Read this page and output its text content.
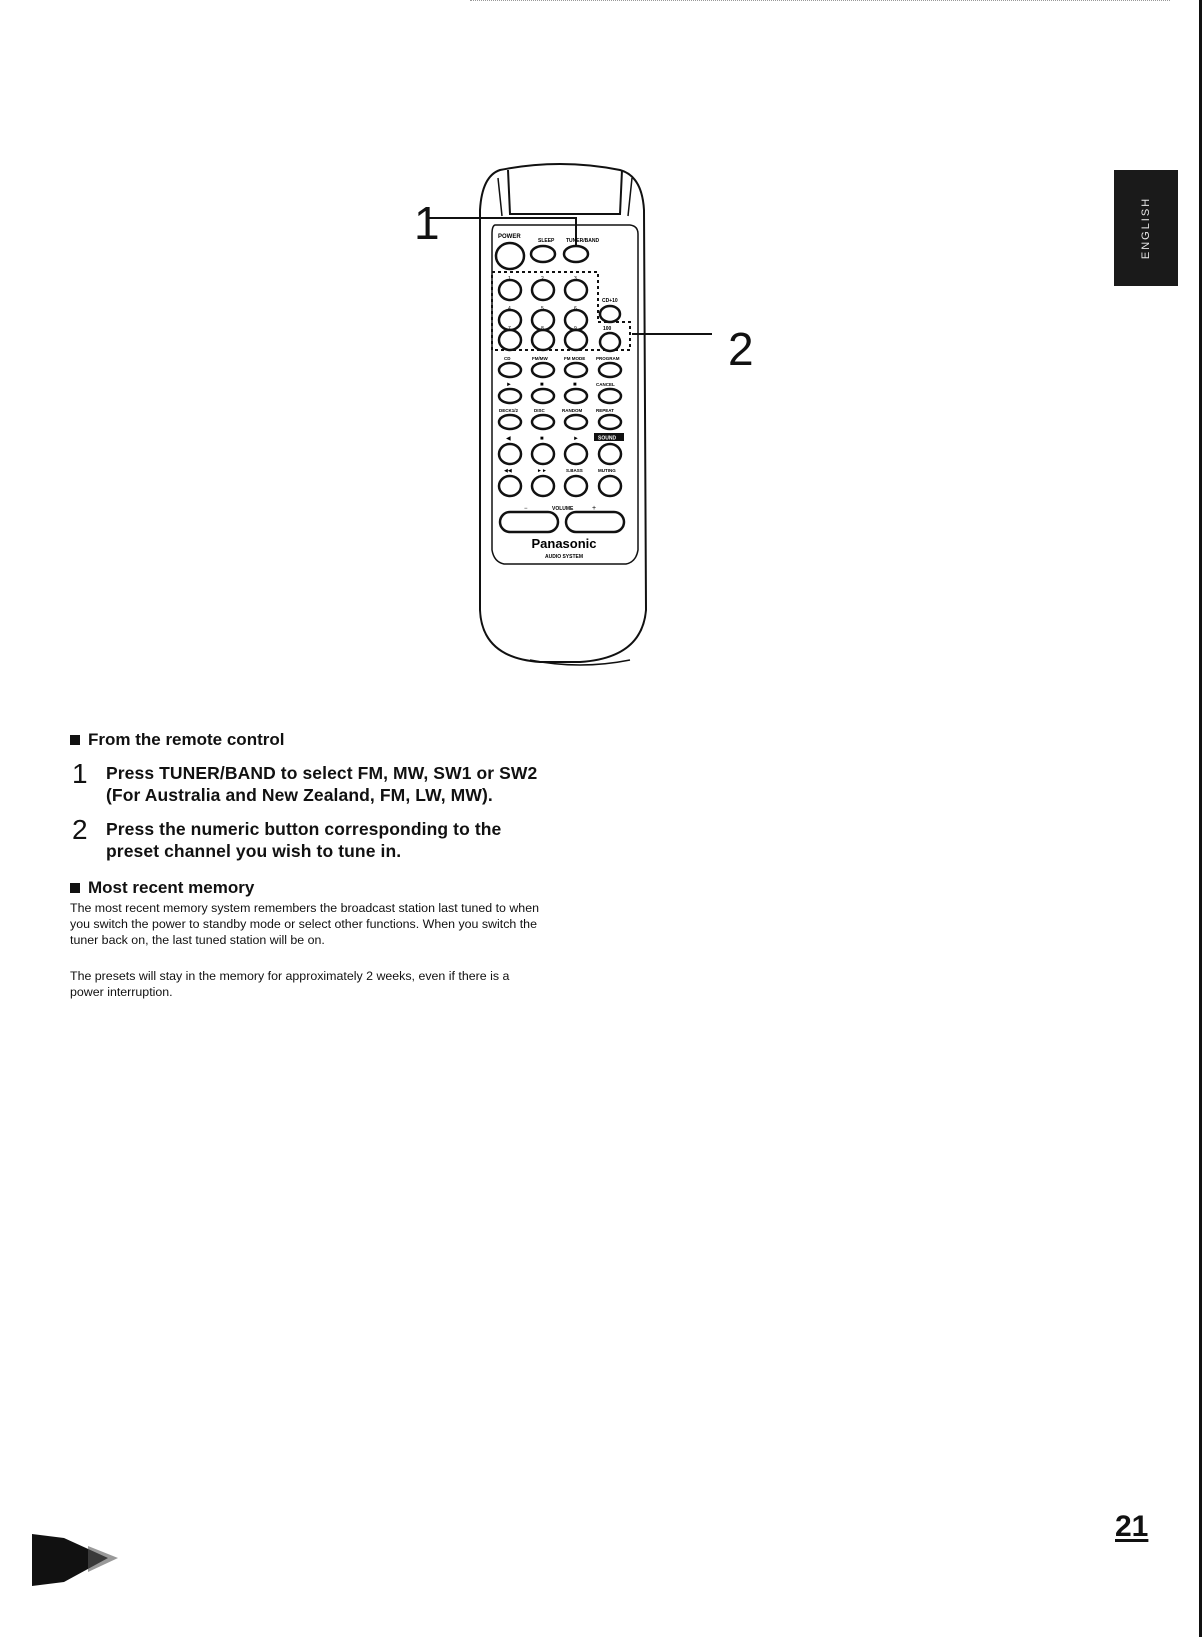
ENGLISH
POWER
SLEEP TUNER/BAND
CD+10
100
CD	FM/MW	FM MODE PROGRAM
►	■	■	CANCEL
DECK1/2	DISC	RANDOM	REPEAT
◀	■	►	SOUND
◀◀	►►	S.BASS	MUTING
−	VOLUME	+
Panasonic
AUDIO SYSTEM
1
2
From the remote control
1	Press TUNER/BAND to select FM, MW, SW1 or SW2 (For Australia and New Zealand, FM, LW, MW).
2	Press the numeric button corresponding to the preset channel you wish to tune in.
Most recent memory

The most recent memory system remembers the broadcast station last tuned to when you switch the power to standby mode or select other functions. When you switch the tuner back on, the last tuned station will be on.

The presets will stay in the memory for approximately 2 weeks, even if there is a power interruption.

21
